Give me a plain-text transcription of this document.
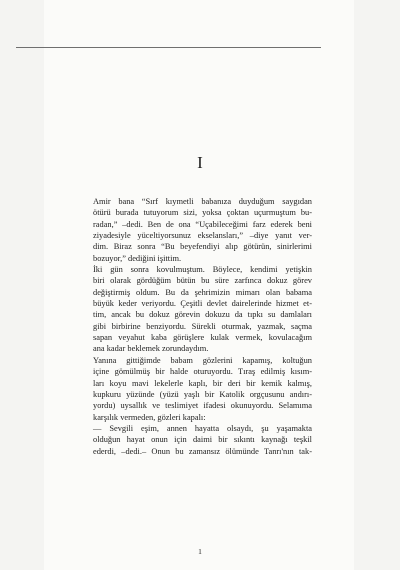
I

Amir bana “Sırf kıymetli babanıza duyduğum saygıdan
ötürü burada tutuyorum sizi, yoksa çoktan uçurmuştum bu-
radan,” –dedi. Ben de ona “Uçabileceğimi farz ederek beni
ziyadesiyle yüceltiyorsunuz ekselansları,” –diye yanıt ver-
dim. Biraz sonra “Bu beyefendiyi alıp götürün, sinirlerimi
bozuyor,” dediğini işittim.

İki gün sonra kovulmuştum. Böylece, kendimi yetişkin
biri olarak gördüğüm bütün bu süre zarfınca dokuz görev
değiştirmiş oldum. Bu da şehrimizin mimarı olan babama
büyük keder veriyordu. Çeşitli devlet dairelerinde hizmet et-
tim, ancak bu dokuz görevin dokuzu da tıpkı su damlaları
gibi birbirine benziyordu. Sürekli oturmak, yazmak, saçma
sapan veyahut kaba görüşlere kulak vermek, kovulacağım
ana kadar beklemek zorundaydım.

Yanına gittiğimde babam gözlerini kapamış, koltuğun
içine gömülmüş bir halde oturuyordu. Tıraş edilmiş kısım-
ları koyu mavi lekelerle kaplı, bir deri bir kemik kalmış,
kupkuru yüzünde (yüzü yaşlı bir Katolik orgçusunu andırı-
yordu) uysallık ve teslimiyet ifadesi okunuyordu. Selamıma
karşılık vermeden, gözleri kapalı:

— Sevgili eşim, annen hayatta olsaydı, şu yaşamakta
olduğun hayat onun için daimi bir sıkıntı kaynağı teşkil
ederdi, –dedi.– Onun bu zamansız ölümünde Tanrı'nın tak-

1
